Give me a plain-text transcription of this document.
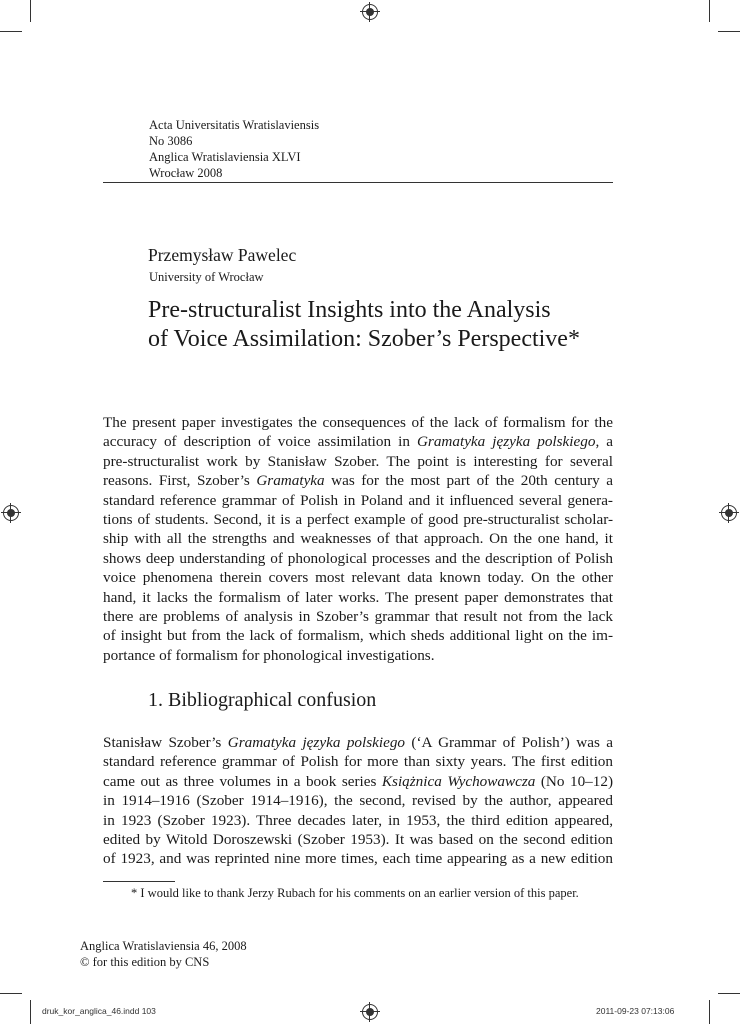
Acta Universitatis Wratislaviensis
No 3086
Anglica Wratislaviensia XLVI
Wrocław 2008
Przemysław Pawelec
University of Wrocław
Pre-structuralist Insights into the Analysis
of Voice Assimilation: Szober’s Perspective*
The present paper investigates the consequences of the lack of formalism for the
accuracy of description of voice assimilation in Gramatyka języka polskiego, a
pre-structuralist work by Stanisław Szober. The point is interesting for several
reasons. First, Szober’s Gramatyka was for the most part of the 20th century a
standard reference grammar of Polish in Poland and it influenced several genera-
tions of students. Second, it is a perfect example of good pre-structuralist scholar-
ship with all the strengths and weaknesses of that approach. On the one hand, it
shows deep understanding of phonological processes and the description of Polish
voice phenomena therein covers most relevant data known today. On the other
hand, it lacks the formalism of later works. The present paper demonstrates that
there are problems of analysis in Szober’s grammar that result not from the lack
of insight but from the lack of formalism, which sheds additional light on the im-
portance of formalism for phonological investigations.
1. Bibliographical confusion
Stanisław Szober’s Gramatyka języka polskiego (‘A Grammar of Polish’) was a
standard reference grammar of Polish for more than sixty years. The first edition
came out as three volumes in a book series Książnica Wychowawcza (No 10–12)
in 1914–1916 (Szober 1914–1916), the second, revised by the author, appeared
in 1923 (Szober 1923). Three decades later, in 1953, the third edition appeared,
edited by Witold Doroszewski (Szober 1953). It was based on the second edition
of 1923, and was reprinted nine more times, each time appearing as a new edition
* I would like to thank Jerzy Rubach for his comments on an earlier version of this paper.
Anglica Wratislaviensia 46, 2008
© for this edition by CNS
druk_kor_anglica_46.indd 103	2011-09-23 07:13:06
